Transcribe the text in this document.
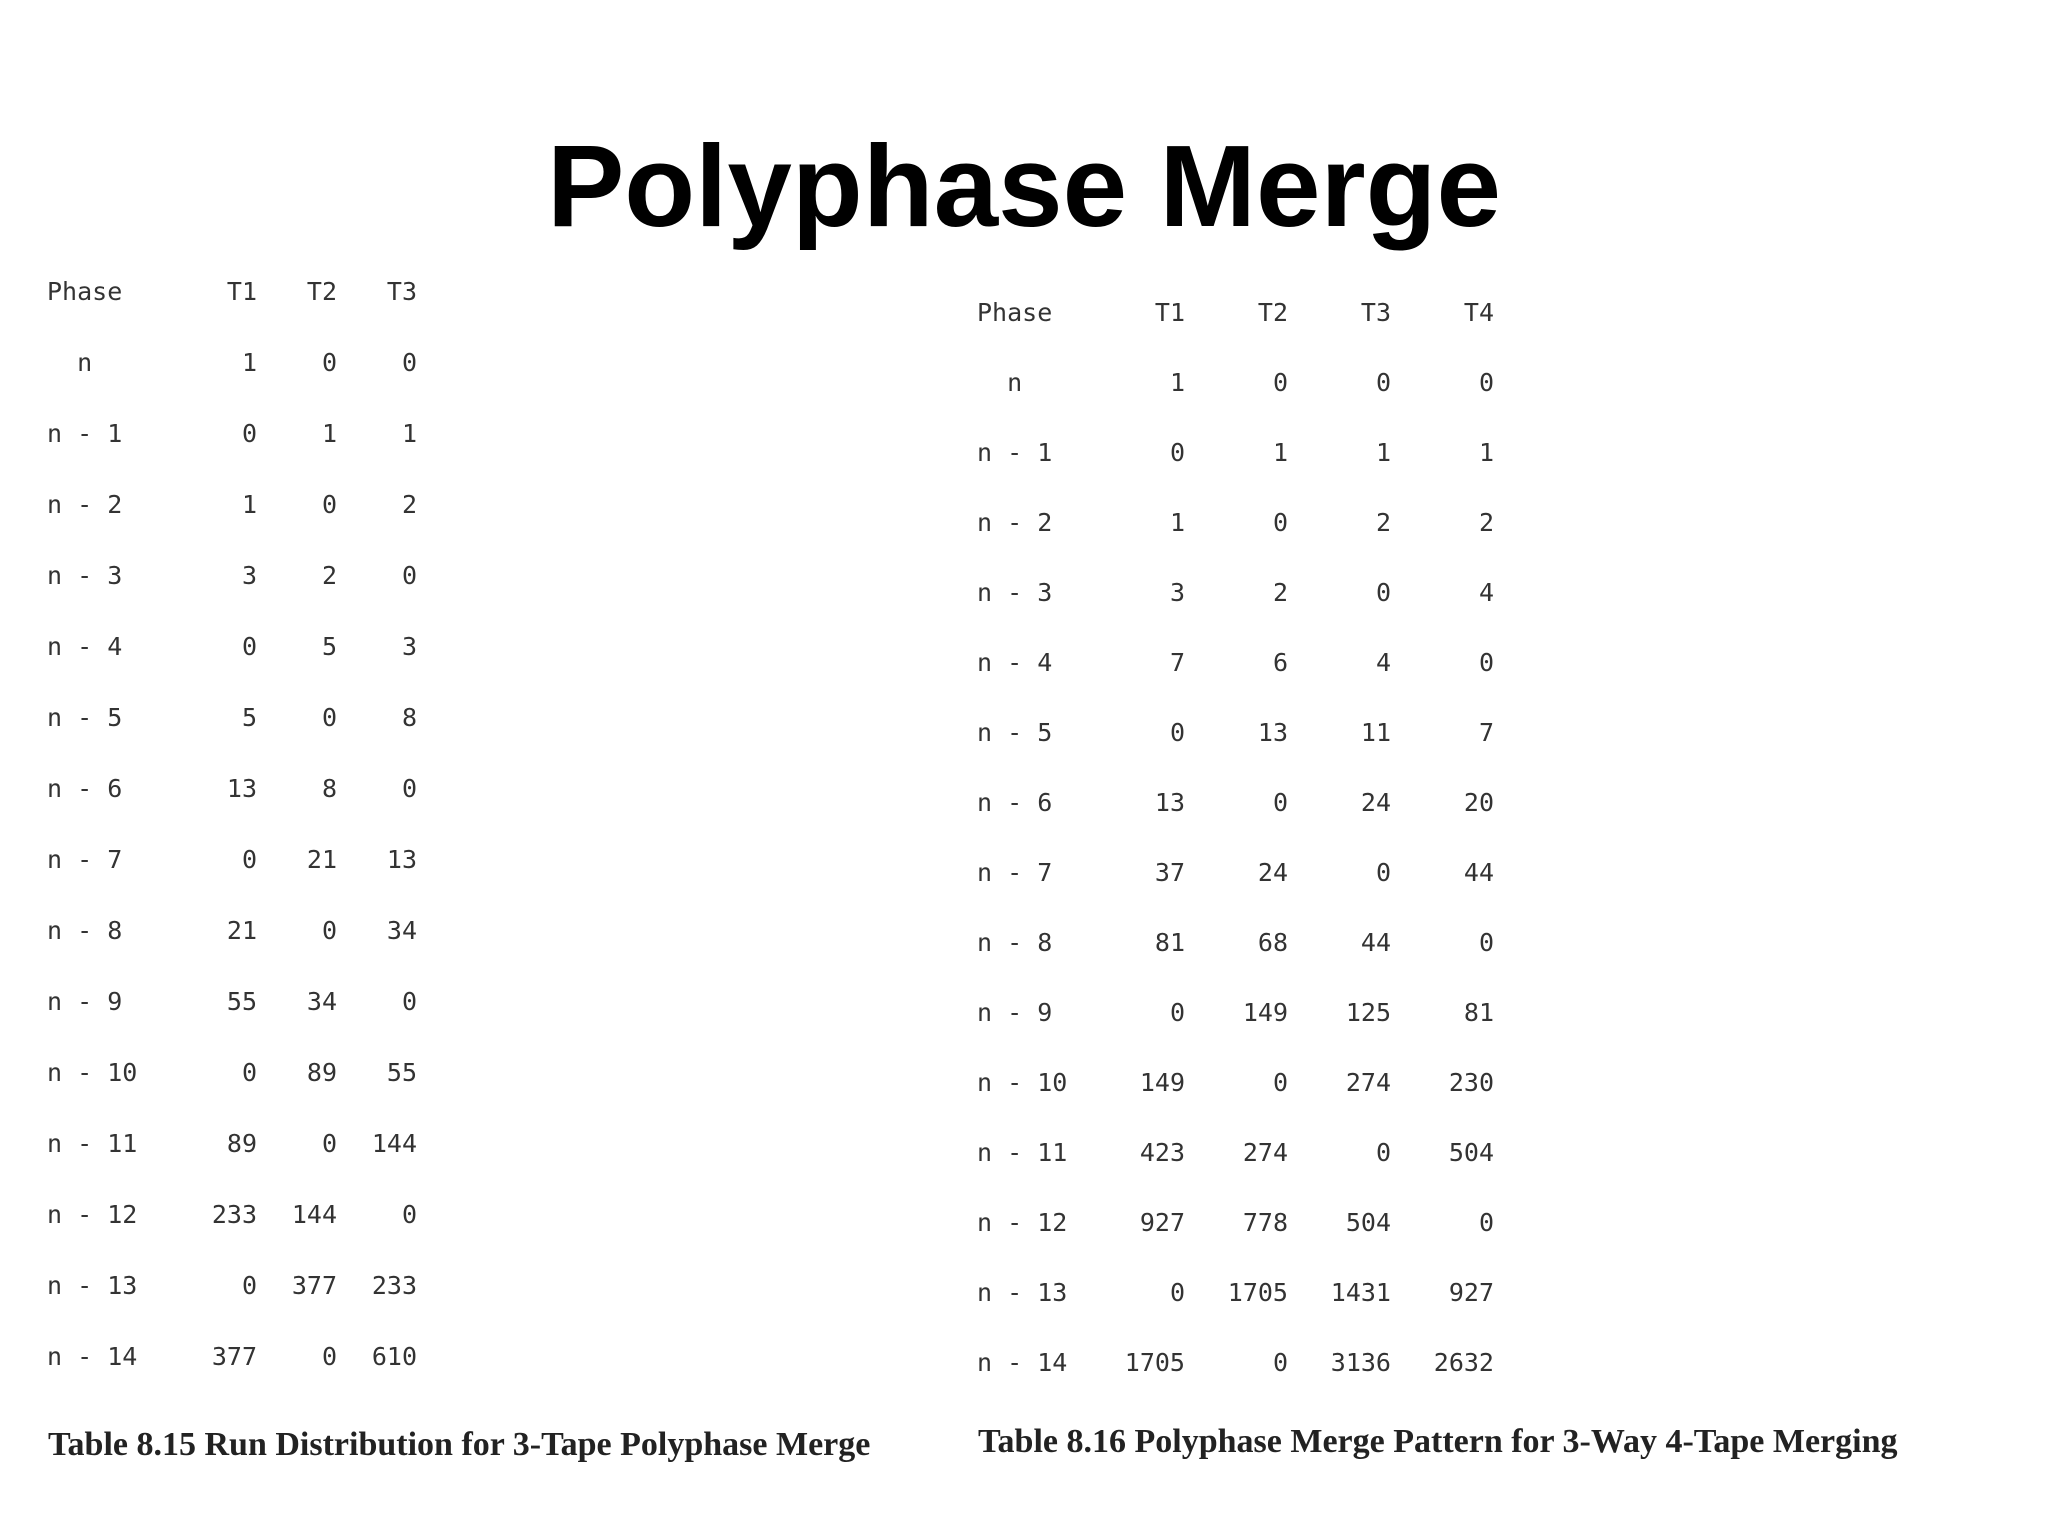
Polyphase Merge
Phase	T1	T2	T3
n	1	0	0
n - 1	0	1	1
n - 2	1	0	2
n - 3	3	2	0
n - 4	0	5	3
n - 5	5	0	8
n - 6	13	8	0
n - 7	0	21	13
n - 8	21	0	34
n - 9	55	34	0
n - 10	0	89	55
n - 11	89	0	144
n - 12	233	144	0
n - 13	0	377	233
n - 14	377	0	610
Phase	T1	T2	T3	T4
n	1	0	0	0
n - 1	0	1	1	1
n - 2	1	0	2	2
n - 3	3	2	0	4
n - 4	7	6	4	0
n - 5	0	13	11	7
n - 6	13	0	24	20
n - 7	37	24	0	44
n - 8	81	68	44	0
n - 9	0	149	125	81
n - 10	149	0	274	230
n - 11	423	274	0	504
n - 12	927	778	504	0
n - 13	0	1705	1431	927
n - 14	1705	0	3136	2632

Table 8.15 Run Distribution for 3-Tape Polyphase Merge	Table 8.16 Polyphase Merge Pattern for 3-Way 4-Tape Merging
